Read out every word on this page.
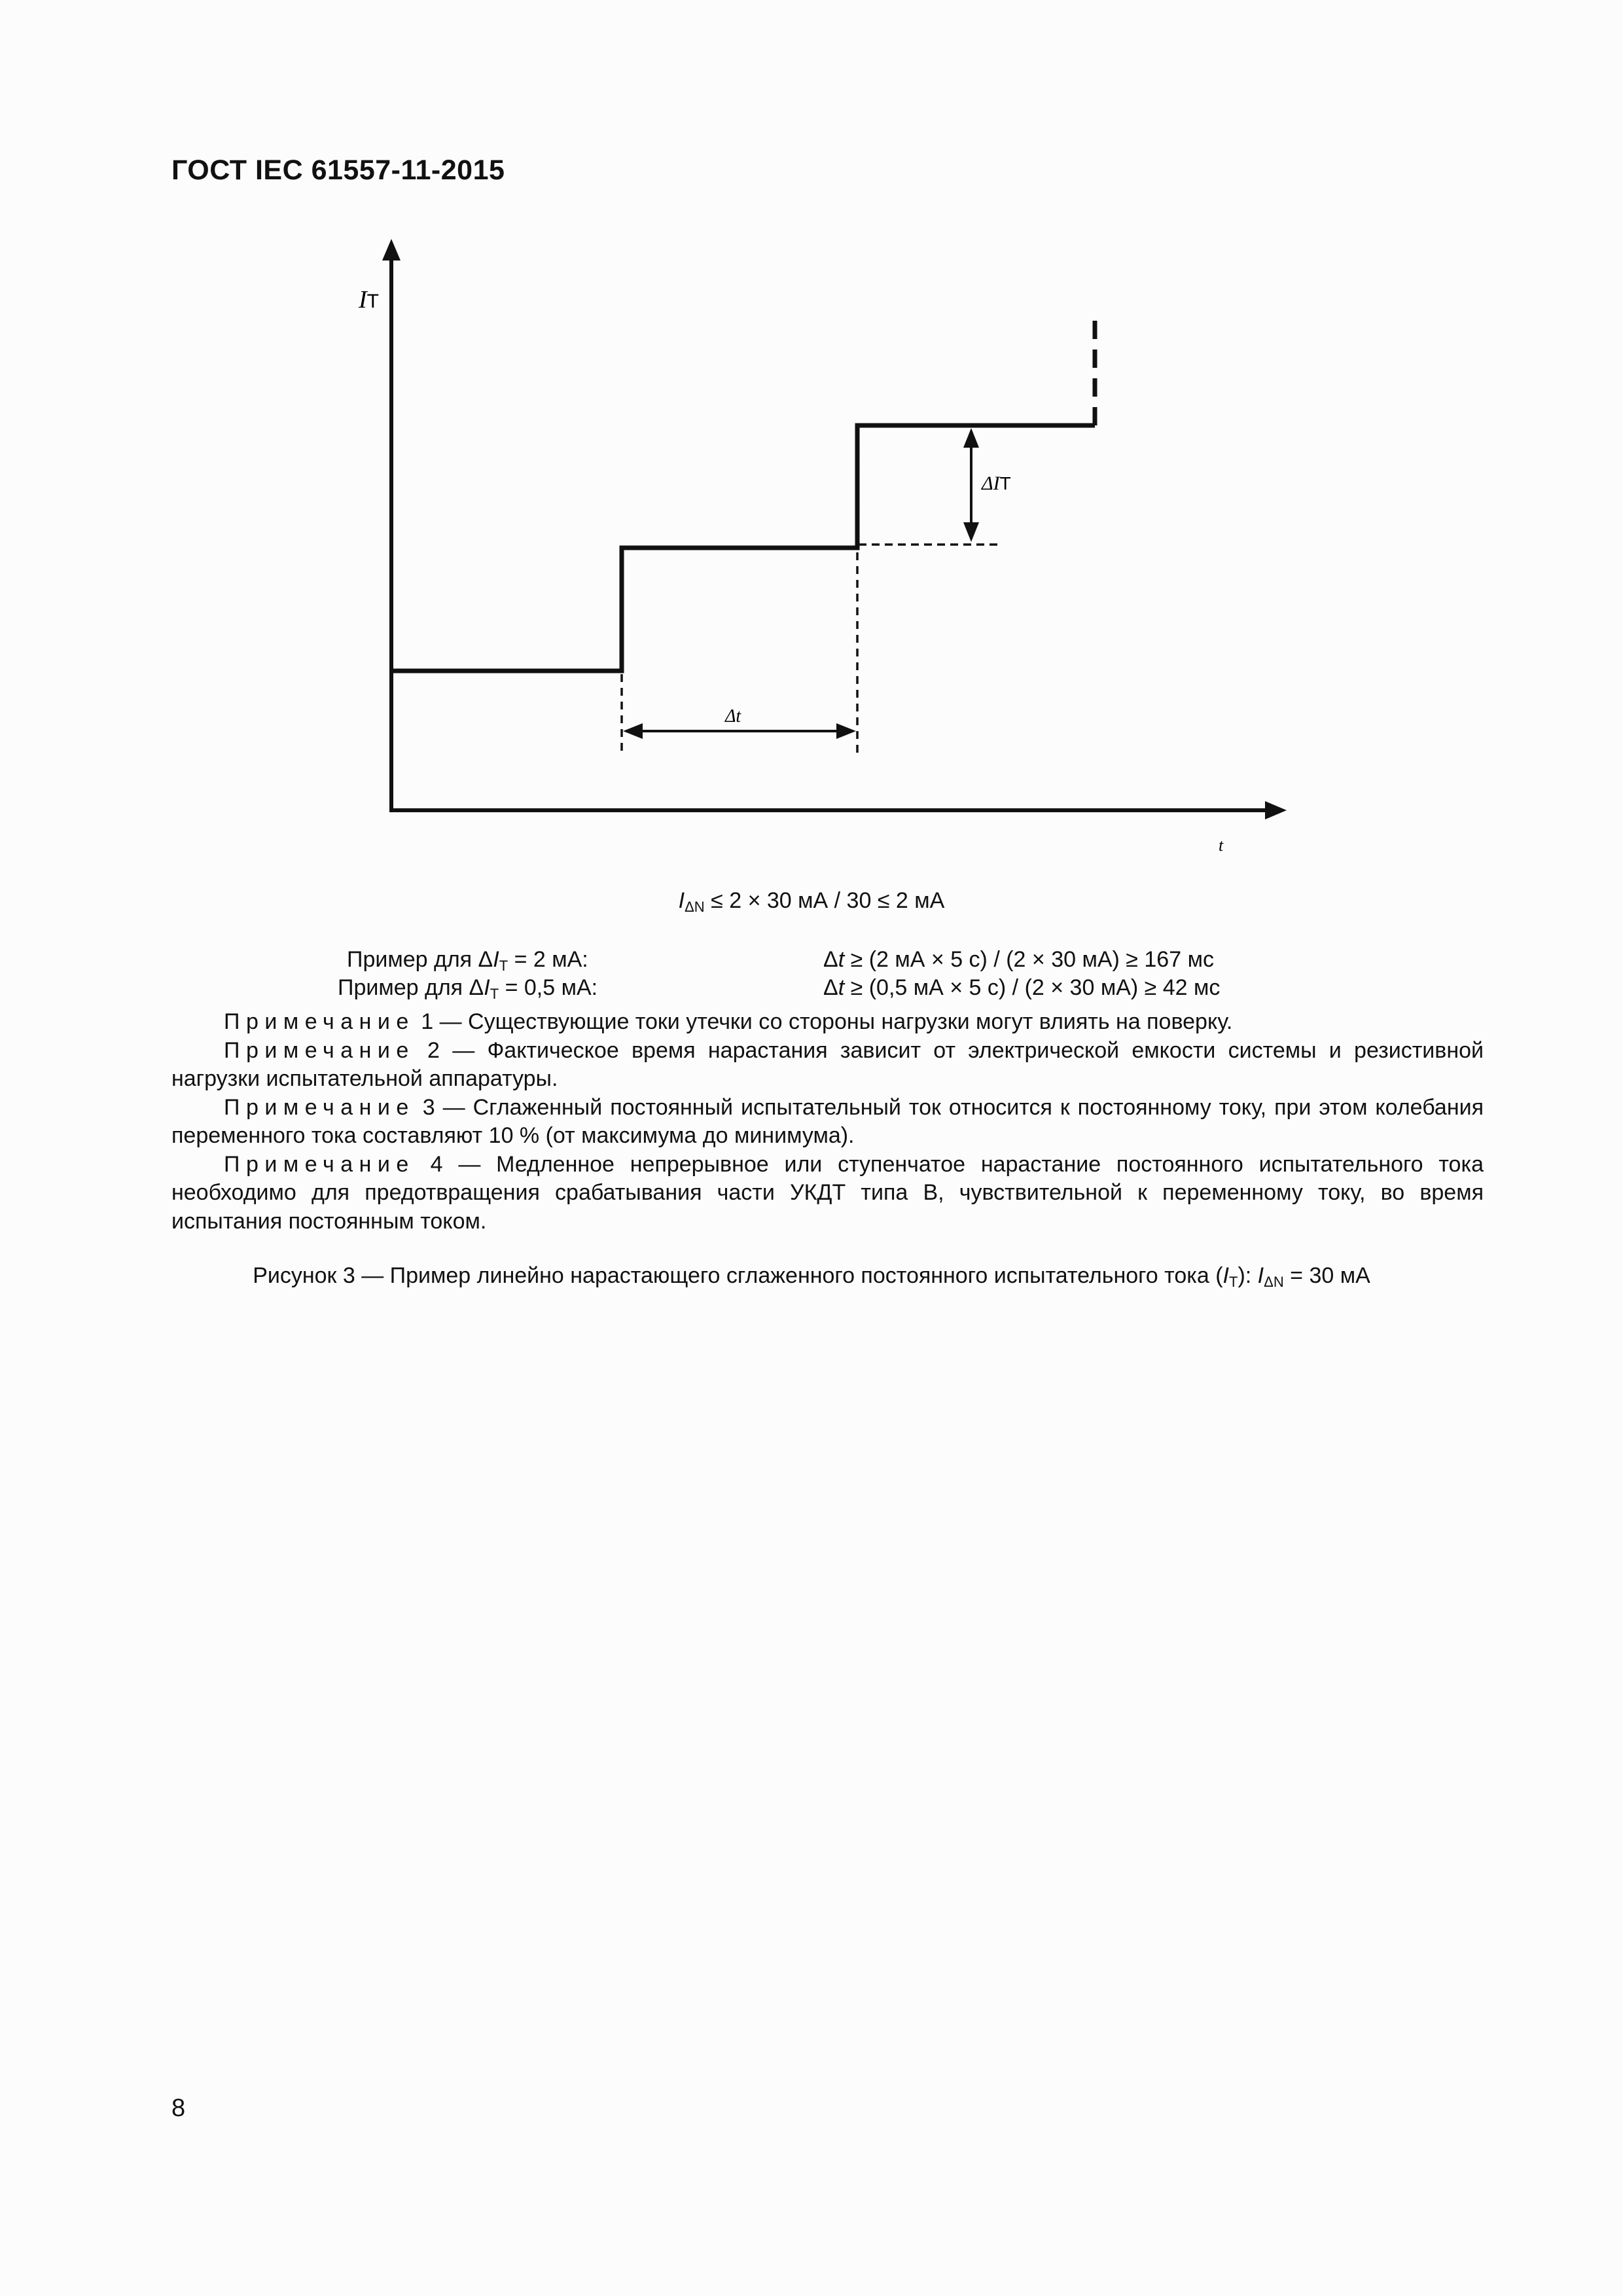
ГОСТ IEC 61557-11-2015
IT
t
ΔIT
Δt
$I_{\Delta N} \le 2 \times 30$ мА / 30 ≤ 2 мА
Пример для $\Delta I_T = 2$ мА:	Δt ≥ (2 мА × 5 с) / (2 × 30 мА) ≥ 167 мс
Пример для $\Delta I_T = 0,5$ мА:	Δt ≥ (0,5 мА × 5 с) / (2 × 30 мА) ≥ 42 мс

Примечание 1 — Существующие токи утечки со стороны нагрузки могут влиять на поверку.

Примечание 2 — Фактическое время нарастания зависит от электрической емкости системы и резистивной нагрузки испытательной аппаратуры.

Примечание 3 — Сглаженный постоянный испытательный ток относится к постоянному току, при этом колебания переменного тока составляют 10 % (от максимума до минимума).

Примечание 4 — Медленное непрерывное или ступенчатое нарастание постоянного испытательного тока необходимо для предотвращения срабатывания части УКДТ типа В, чувствительной к переменному току, во время испытания постоянным током.

Рисунок 3 — Пример линейно нарастающего сглаженного постоянного испытательного тока $(I_T)$: $I_{\Delta N} = 30$ мА
8
